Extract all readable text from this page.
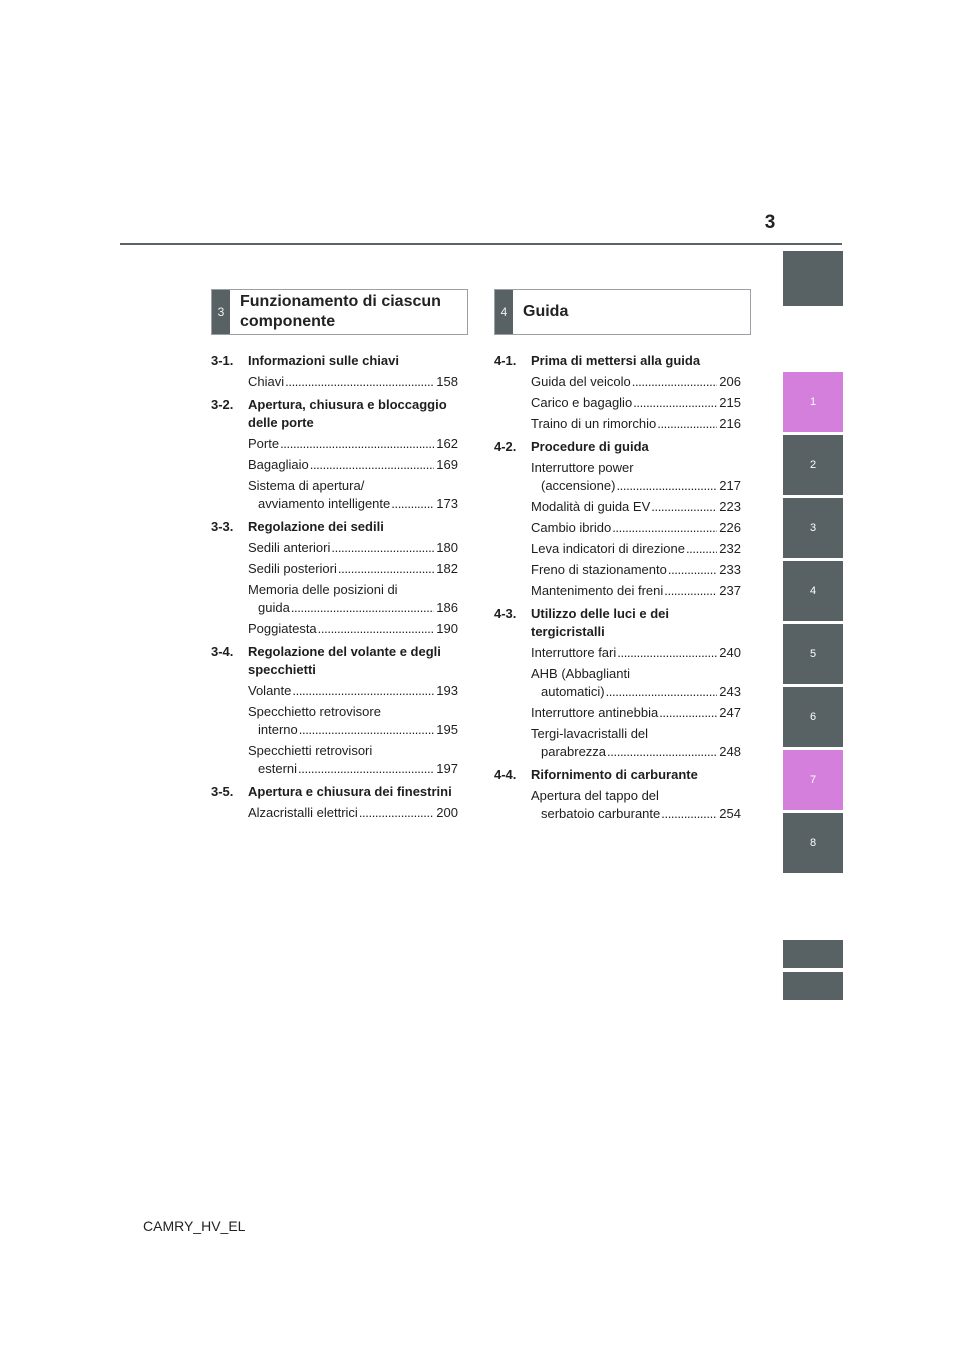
3
1
2
3
4
5
6
7
8
3
Funzionamento di ciascun componente
4 Guida
3-1.	Informazioni sulle chiavi
Chiavi . . .	158
3-2.	Apertura, chiusura e bloccaggio delle porte
Porte . . .	162
Bagagliaio . . .	169
Sistema di apertura/
avviamento intelligente . . .	173
3-3.	Regolazione dei sedili
Sedili anteriori . . .	180
Sedili posteriori . . .	182
Memoria delle posizioni di
guida . . .	186
Poggiatesta . . .	190
3-4.	Regolazione del volante e degli specchietti
Volante . . .	193
Specchietto retrovisore
interno . . .	195
Specchietti retrovisori
esterni . . .	197
3-5.	Apertura e chiusura dei finestrini
Alzacristalli elettrici . . .	200
4-1.	Prima di mettersi alla guida
Guida del veicolo . . .	206
Carico e bagaglio . . .	215
Traino di un rimorchio . . .	216
4-2.	Procedure di guida
Interruttore power
(accensione) . . .	217
Modalità di guida EV . . .	223
Cambio ibrido . . .	226
Leva indicatori di direzione . . .	232
Freno di stazionamento . . .	233
Mantenimento dei freni . . .	237
4-3.	Utilizzo delle luci e dei tergicristalli
Interruttore fari . . .	240
AHB (Abbaglianti
automatici) . . .	243
Interruttore antinebbia . . .	247
Tergi-lavacristalli del
parabrezza . . .	248
4-4.	Rifornimento di carburante
Apertura del tappo del
serbatoio carburante . . .	254
CAMRY_HV_EL
